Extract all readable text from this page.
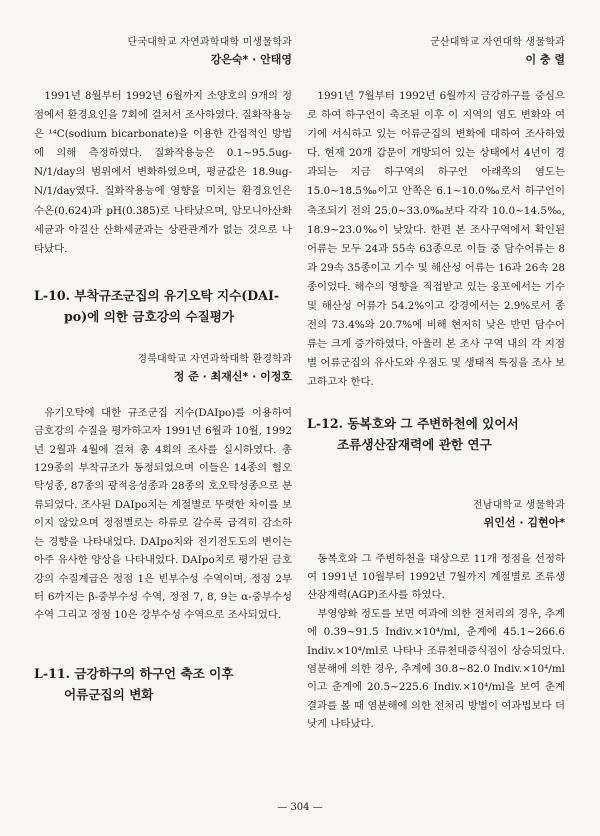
단국대학교 자연과학대학 미생물학과

강은숙* · 안태영

1991년 8월부터 1992년 6월까지 소양호의 9개의 정점에서 환경요인을 7회에 걸쳐서 조사하였다. 질화작용능은 ¹⁴C(sodium bicarbonate)을 이용한 간접적인 방법에 의해 측정하였다. 질화작용능은 0.1~95.5ug-N/1/day의 범위에서 변화하였으며, 평균값은 18.9ug-N/1/day였다. 질화작용능에 영향을 미치는 환경요인은 수온(0.624)과 pH(0.385)로 나타났으며, 암모니아산화세균과 아질산 산화세균과는 상관관계가 없는 것으로 나타났다.

L-10. 부착규조군집의 유기오탁 지수(DAI-
po)에 의한 금호강의 수질평가

경북대학교 자연과학대학 환경학과

정 준 · 최재신* · 이정호

유기오탁에 대한 규조군집 지수(DAIpo)를 이용하여 금호강의 수질을 평가하고자 1991년 6월과 10월, 1992년 2월과 4월에 걸쳐 총 4회의 조사를 실시하였다. 총 129종의 부착규조가 동정되었으며 이들은 14종의 혐오탁성종, 87종의 광적응성종과 28종의 호오탁성종으로 분류되었다. 조사된 DAIpo치는 계절별로 뚜렷한 차이를 보이지 않았으며 정점별로는 하류로 갈수록 급격히 감소하는 경향을 나타내었다. DAIpo치와 전기전도도의 변이는 아주 유사한 양상을 나타내었다. DAIpo치로 평가된 금호강의 수질계급은 정점 1은 빈부수성 수역이며, 정점 2부터 6까지는 β-중부수성 수역, 정점 7, 8, 9는 α-중부수성 수역 그리고 정점 10은 강부수성 수역으로 조사되었다.

L-11. 금강하구의 하구언 축조 이후
어류군집의 변화

군산대학교 자연대학 생물학과

이 충 렬

1991년 7월부터 1992년 6월까지 금강하구를 중심으로 하여 하구언이 축조된 이후 이 지역의 염도 변화와 여기에 서식하고 있는 어류군집의 변화에 대하여 조사하였다. 현재 20개 갑문이 개방되어 있는 상태에서 4년이 경과되는 지금 하구역의 하구언 아래쪽의 염도는 15.0~18.5‰이고 안쪽은 6.1~10.0‰로서 하구언이 축조되기 전의 25.0~33.0‰보다 각각 10.0~14.5‰, 18.9~23.0‰이 낮았다. 한편 본 조사구역에서 확인된 어류는 모두 24과 55속 63종으로 이들 중 담수어류는 8과 29속 35종이고 기수 및 해산성 어류는 16과 26속 28종이었다. 해수의 영향을 직접받고 있는 웅포에서는 기수 및 해산성 어류가 54.2%이고 강경에서는 2.9%로서 종전의 73.4%와 20.7%에 비해 현저히 낮은 반면 담수어류는 크게 증가하였다. 아울러 본 조사 구역 내의 각 지점별 어류군집의 유사도와 우점도 및 생태적 특징을 조사 보고하고자 한다.

L-12. 동복호와 그 주변하천에 있어서
조류생산잠재력에 관한 연구

전남대학교 생물학과

위인선 · 김현아*

동복호와 그 주변하천을 대상으로 11개 정점을 선정하여 1991년 10월부터 1992년 7월까지 계절별로 조류생산잠재력(AGP)조사를 하였다.

부영양화 정도를 보면 여과에 의한 전처리의 경우, 추계에 0.39~91.5 Indiv.×10⁴/ml, 춘계에 45.1~266.6 Indiv.×10⁴/ml로 나타나 조류천대증식점이 상승되었다. 염분해에 의한 경우, 추계에 30.8~82.0 Indiv.×10⁴/ml이고 춘계에 20.5~225.6 Indiv.×10⁴/ml을 보여 춘계 결과를 볼 때 염분해에 의한 전처리 방법이 여과법보다 더 낫게 나타났다.

— 304 —
